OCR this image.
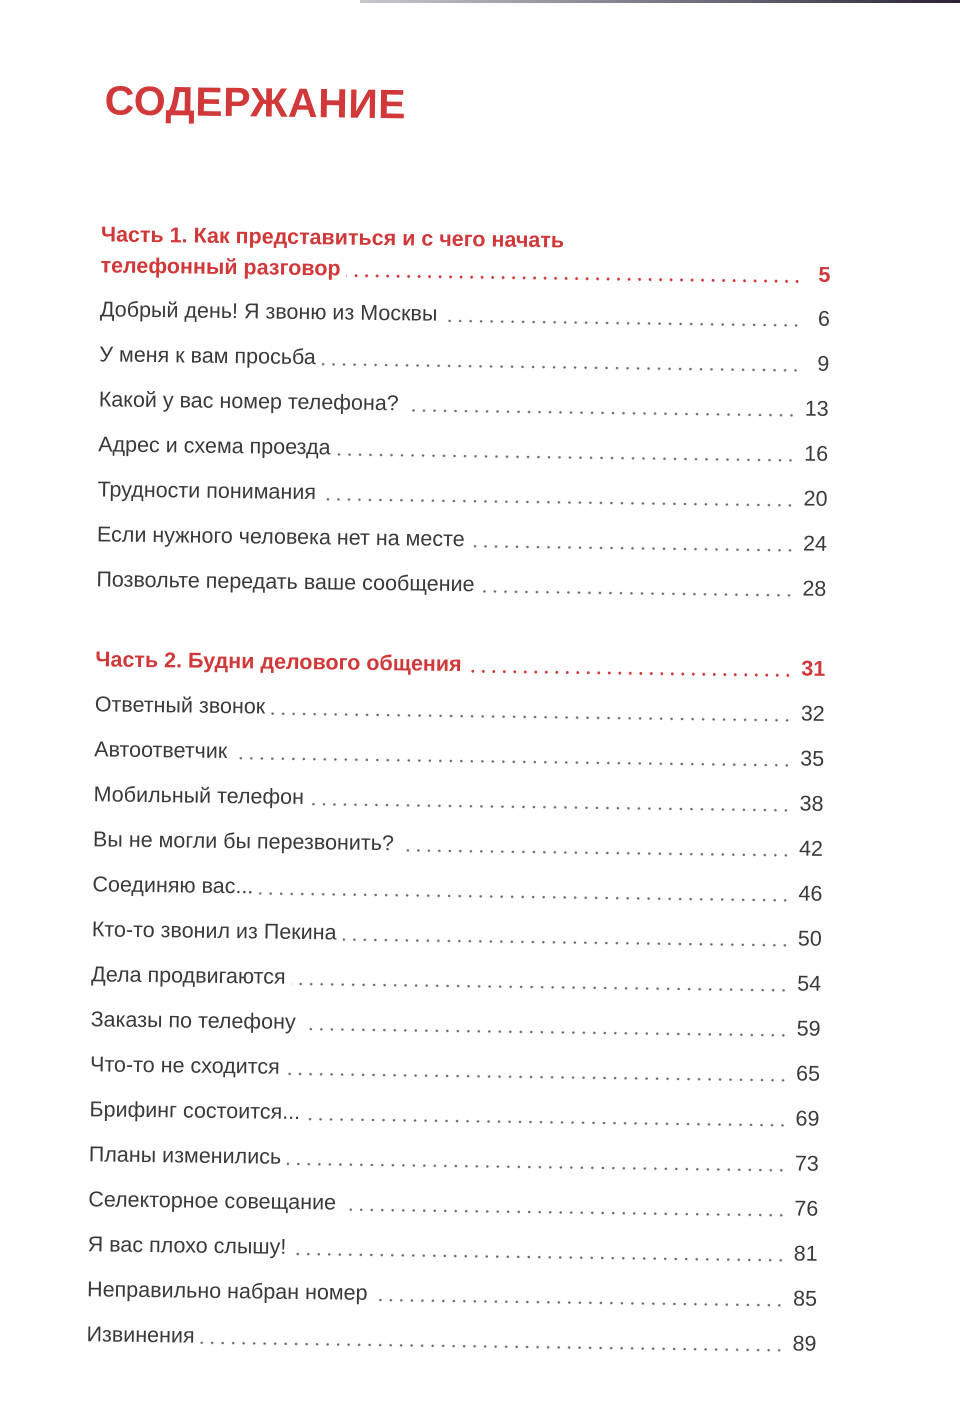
СОДЕРЖАНИЕ
Часть 1. Как представиться и с чего начать
телефонный разговор	5
Добрый день! Я звоню из Москвы	6
У меня к вам просьба	9
Какой у вас номер телефона?	13
Адрес и схема проезда	16
Трудности понимания	20
Если нужного человека нет на месте	24
Позвольте передать ваше сообщение	28
Часть 2. Будни делового общения	31
Ответный звонок	32
Автоответчик	35
Мобильный телефон	38
Вы не могли бы перезвонить?	42
Соединяю вас...	46
Кто-то звонил из Пекина	50
Дела продвигаются	54
Заказы по телефону	59
Что-то не сходится	65
Брифинг состоится...	69
Планы изменились	73
Селекторное совещание	76
Я вас плохо слышу!	81
Неправильно набран номер	85
Извинения	89
